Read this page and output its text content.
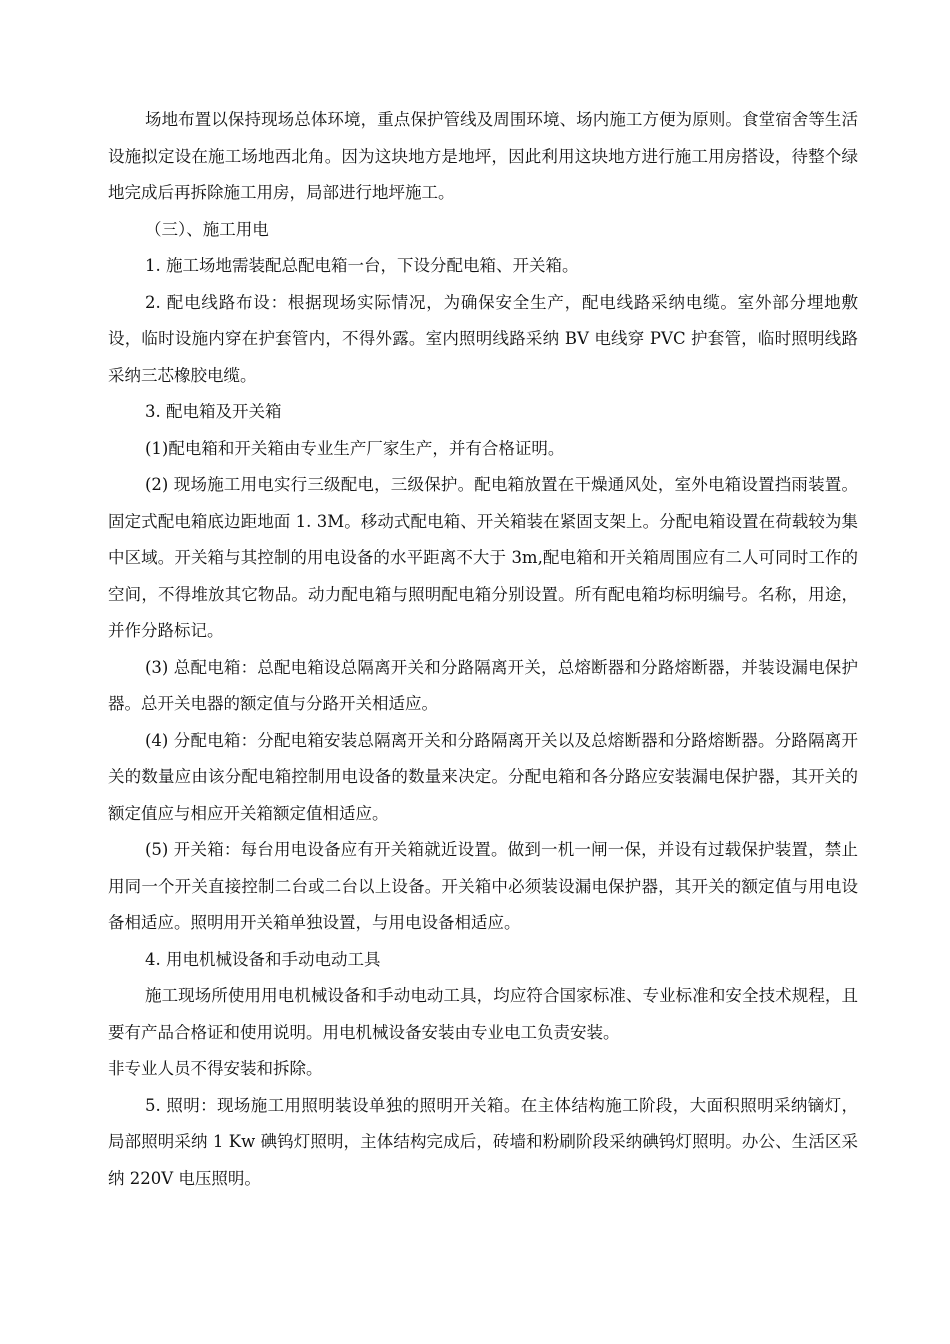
场地布置以保持现场总体环境，重点保护管线及周围环境、场内施工方便为原则。食堂宿舍等生活设施拟定设在施工场地西北角。因为这块地方是地坪，因此利用这块地方进行施工用房搭设，待整个绿地完成后再拆除施工用房，局部进行地坪施工。

（三）、施工用电

1. 施工场地需装配总配电箱一台，下设分配电箱、开关箱。

2. 配电线路布设：根据现场实际情况，为确保安全生产，配电线路采纳电缆。室外部分埋地敷设，临时设施内穿在护套管内，不得外露。室内照明线路采纳 BV 电线穿 PVC 护套管，临时照明线路采纳三芯橡胶电缆。

3. 配电箱及开关箱

(1)配电箱和开关箱由专业生产厂家生产，并有合格证明。

(2) 现场施工用电实行三级配电，三级保护。配电箱放置在干燥通风处，室外电箱设置挡雨装置。固定式配电箱底边距地面 1. 3M。移动式配电箱、开关箱装在紧固支架上。分配电箱设置在荷载较为集中区域。开关箱与其控制的用电设备的水平距离不大于 3m,配电箱和开关箱周围应有二人可同时工作的空间，不得堆放其它物品。动力配电箱与照明配电箱分别设置。所有配电箱均标明编号。名称，用途，并作分路标记。

(3) 总配电箱：总配电箱设总隔离开关和分路隔离开关，总熔断器和分路熔断器，并装设漏电保护器。总开关电器的额定值与分路开关相适应。

(4) 分配电箱：分配电箱安装总隔离开关和分路隔离开关以及总熔断器和分路熔断器。分路隔离开关的数量应由该分配电箱控制用电设备的数量来决定。分配电箱和各分路应安装漏电保护器，其开关的额定值应与相应开关箱额定值相适应。

(5) 开关箱：每台用电设备应有开关箱就近设置。做到一机一闸一保，并设有过载保护装置，禁止用同一个开关直接控制二台或二台以上设备。开关箱中必须装设漏电保护器，其开关的额定值与用电设备相适应。照明用开关箱单独设置，与用电设备相适应。

4. 用电机械设备和手动电动工具

施工现场所使用用电机械设备和手动电动工具，均应符合国家标准、专业标准和安全技术规程，且要有产品合格证和使用说明。用电机械设备安装由专业电工负责安装。

非专业人员不得安装和拆除。

5. 照明：现场施工用照明装设单独的照明开关箱。在主体结构施工阶段，大面积照明采纳镝灯，局部照明采纳 1 Kw 碘钨灯照明，主体结构完成后，砖墙和粉刷阶段采纳碘钨灯照明。办公、生活区采纳 220V 电压照明。
